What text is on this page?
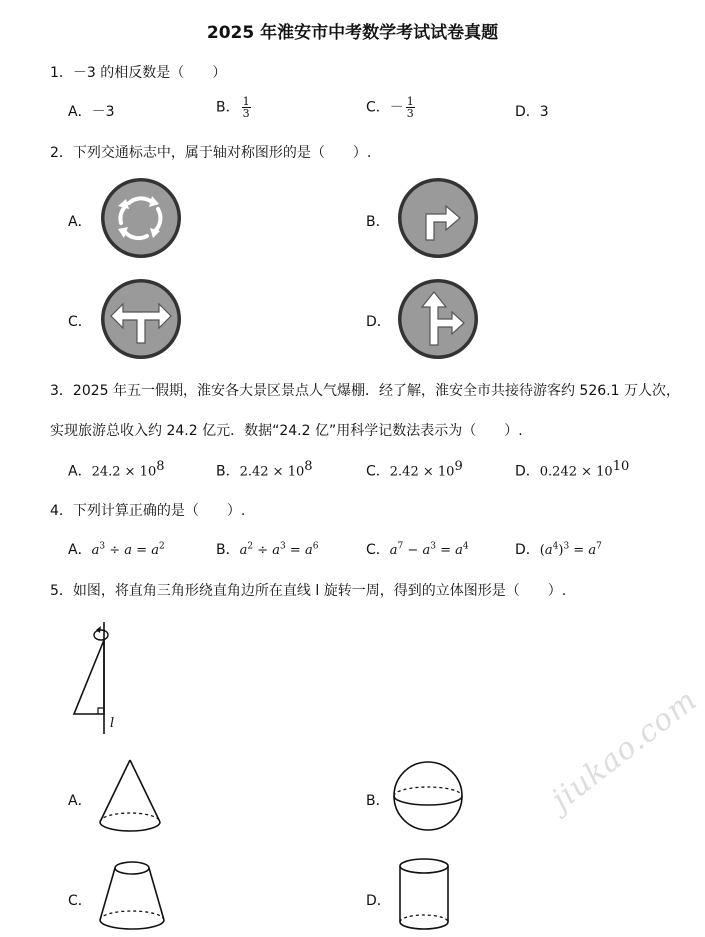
2025 年淮安市中考数学考试试卷真题
1．－3 的相反数是（　　）
A．－3	B． $\frac{1}{3}$	C．－ $\frac{1}{3}$	D．3
2．下列交通标志中，属于轴对称图形的是（　　）.
A．	B．
C．	D．
3．2025 年五一假期，淮安各大景区景点人气爆棚．经了解，淮安全市共接待游客约 526.1 万人次，
实现旅游总收入约 24.2 亿元．数据“24.2 亿”用科学记数法表示为（　　）.
A．$24.2 \times 10^8$	B．$2.42 \times 10^8$	C．$2.42 \times 10^9$	D．$0.242 \times 10^{10}$
4．下列计算正确的是（　　）.
A．$a^3 \div a = a^2$	B．$a^2 \div a^3 = a^6$	C．$a^7 - a^3 = a^4$	D．$(a^4)^3 = a^7$
5．如图，将直角三角形绕直角边所在直线 l 旋转一周，得到的立体图形是（　　）.
l
A．	B．
C．	D．
jiukao.com
